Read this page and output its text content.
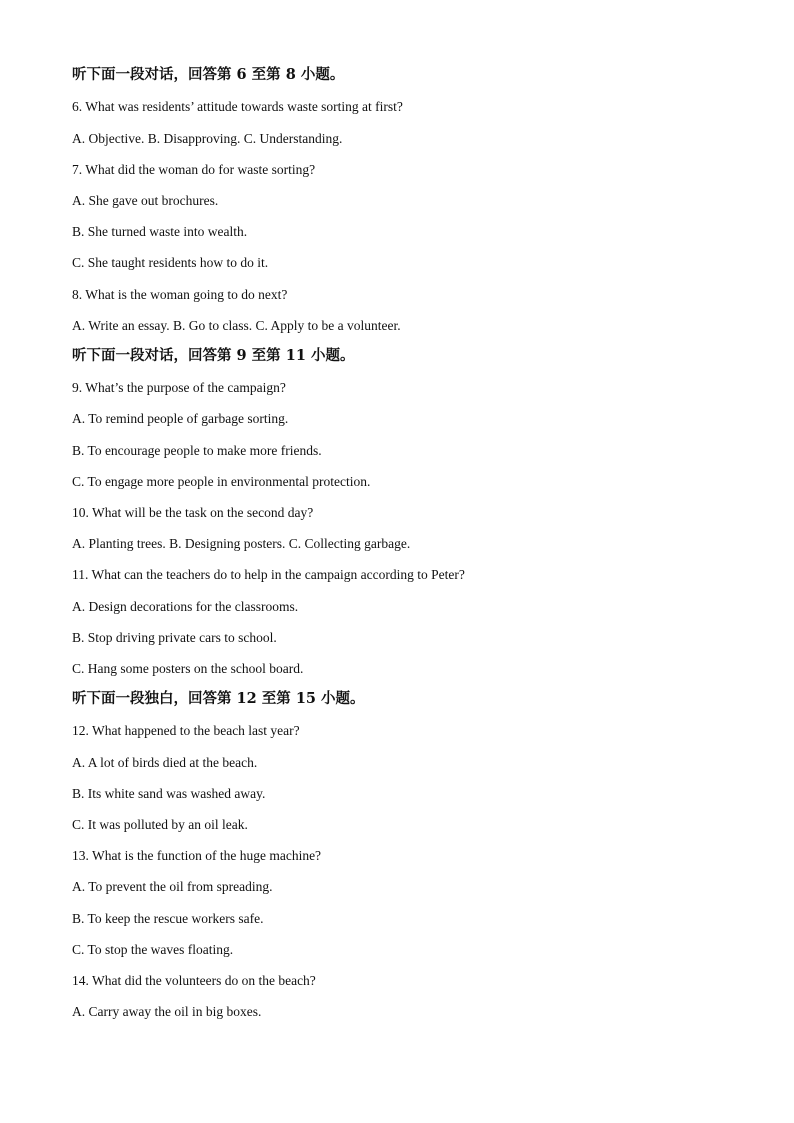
听下面一段对话，回答第 6 至第 8 小题。
6. What was residents’ attitude towards waste sorting at first?
A. Objective. B. Disapproving. C. Understanding.
7. What did the woman do for waste sorting?
A. She gave out brochures.
B. She turned waste into wealth.
C. She taught residents how to do it.
8. What is the woman going to do next?
A. Write an essay. B. Go to class. C. Apply to be a volunteer.
听下面一段对话，回答第 9 至第 11 小题。
9. What’s the purpose of the campaign?
A. To remind people of garbage sorting.
B. To encourage people to make more friends.
C. To engage more people in environmental protection.
10. What will be the task on the second day?
A. Planting trees. B. Designing posters. C. Collecting garbage.
11. What can the teachers do to help in the campaign according to Peter?
A. Design decorations for the classrooms.
B. Stop driving private cars to school.
C. Hang some posters on the school board.
听下面一段独白，回答第 12 至第 15 小题。
12. What happened to the beach last year?
A. A lot of birds died at the beach.
B. Its white sand was washed away.
C. It was polluted by an oil leak.
13. What is the function of the huge machine?
A. To prevent the oil from spreading.
B. To keep the rescue workers safe.
C. To stop the waves floating.
14. What did the volunteers do on the beach?
A. Carry away the oil in big boxes.
